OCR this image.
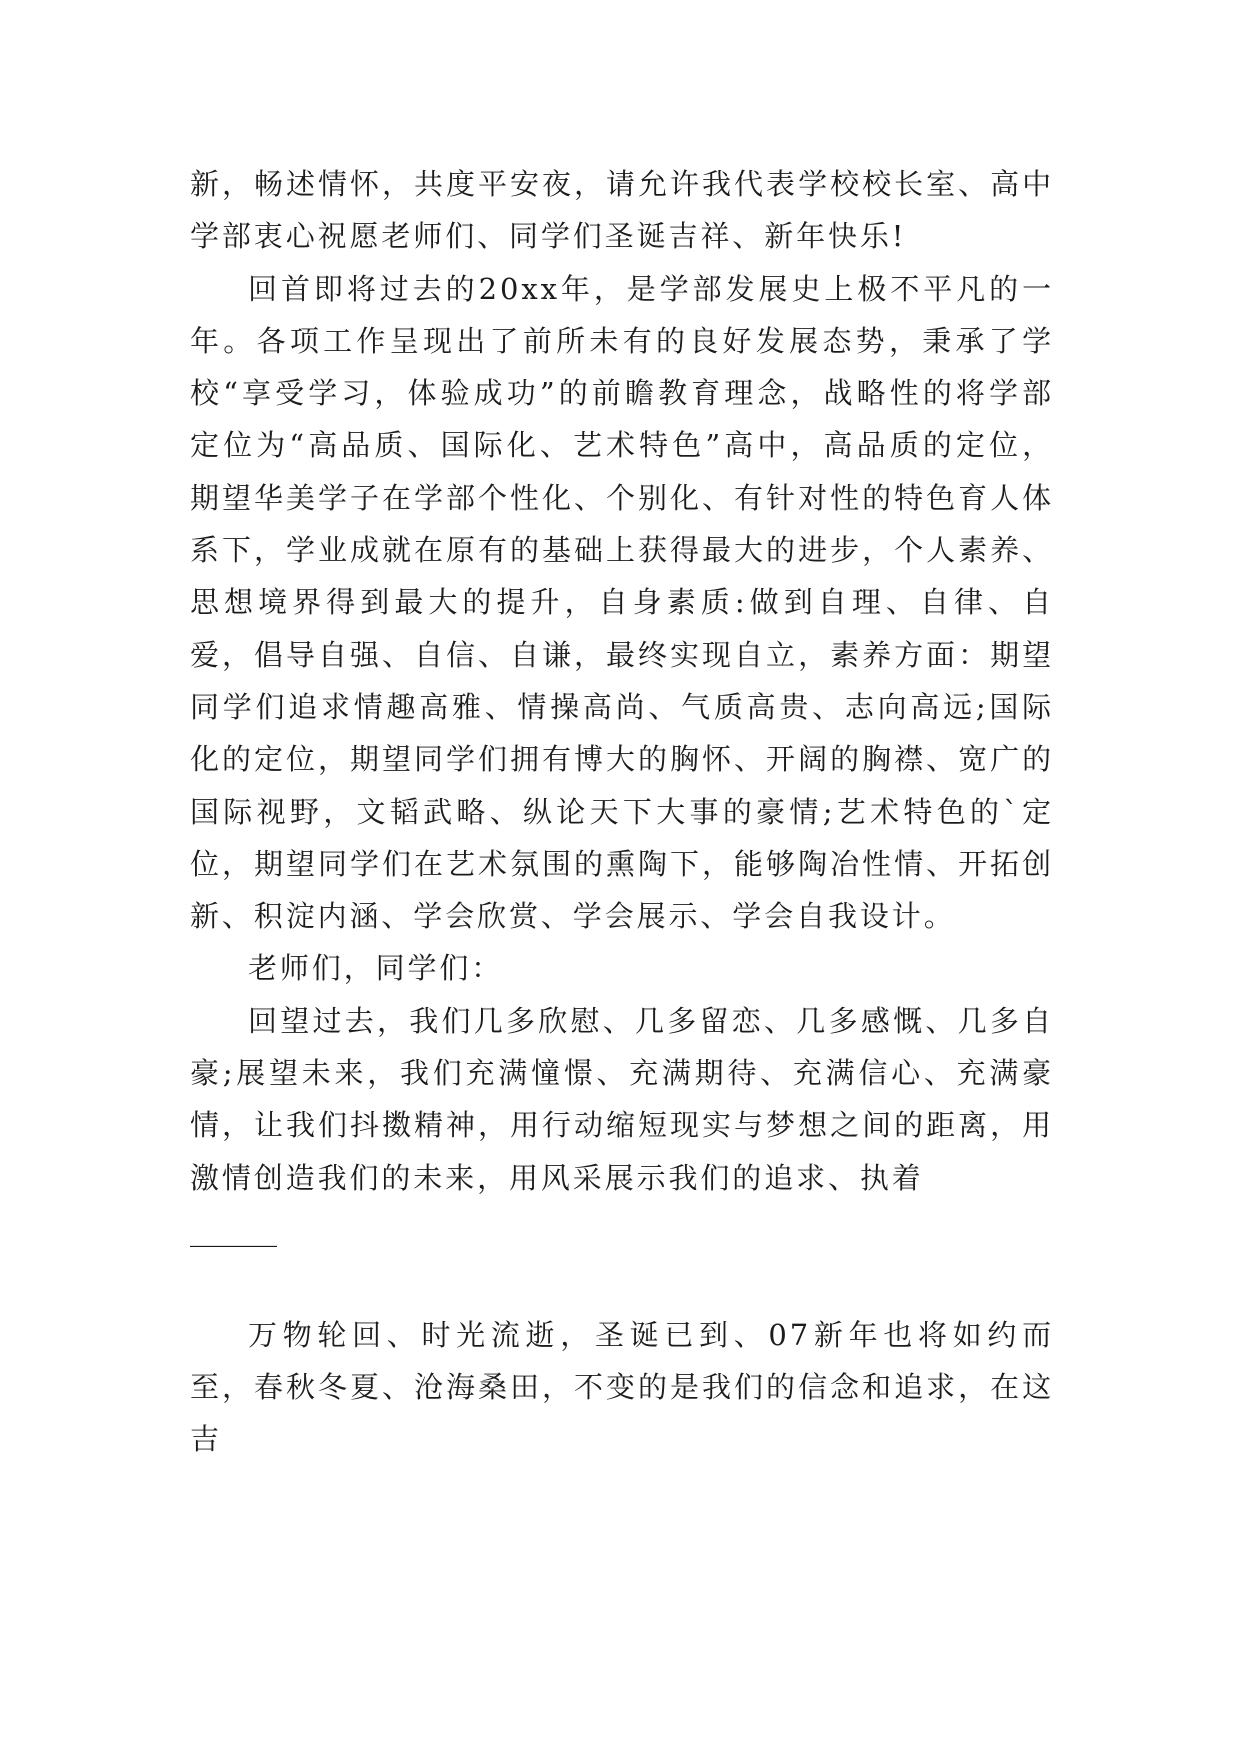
新，畅述情怀，共度平安夜，请允许我代表学校校长室、高中学部衷心祝愿老师们、同学们圣诞吉祥、新年快乐!

回首即将过去的20xx年，是学部发展史上极不平凡的一年。各项工作呈现出了前所未有的良好发展态势，秉承了学校“享受学习，体验成功”的前瞻教育理念，战略性的将学部定位为“高品质、国际化、艺术特色”高中，高品质的定位，期望华美学子在学部个性化、个别化、有针对性的特色育人体系下，学业成就在原有的基础上获得最大的进步，个人素养、思想境界得到最大的提升，自身素质:做到自理、自律、自爱，倡导自强、自信、自谦，最终实现自立，素养方面：期望同学们追求情趣高雅、情操高尚、气质高贵、志向高远;国际化的定位，期望同学们拥有博大的胸怀、开阔的胸襟、宽广的国际视野，文韬武略、纵论天下大事的豪情;艺术特色的`定位，期望同学们在艺术氛围的熏陶下，能够陶冶性情、开拓创新、积淀内涵、学会欣赏、学会展示、学会自我设计。

老师们，同学们：

回望过去，我们几多欣慰、几多留恋、几多感慨、几多自豪;展望未来，我们充满憧憬、充满期待、充满信心、充满豪情，让我们抖擞精神，用行动缩短现实与梦想之间的距离，用激情创造我们的未来，用风采展示我们的追求、执着

______

万物轮回、时光流逝，圣诞已到、07新年也将如约而至，春秋冬夏、沧海桑田，不变的是我们的信念和追求，在这吉
